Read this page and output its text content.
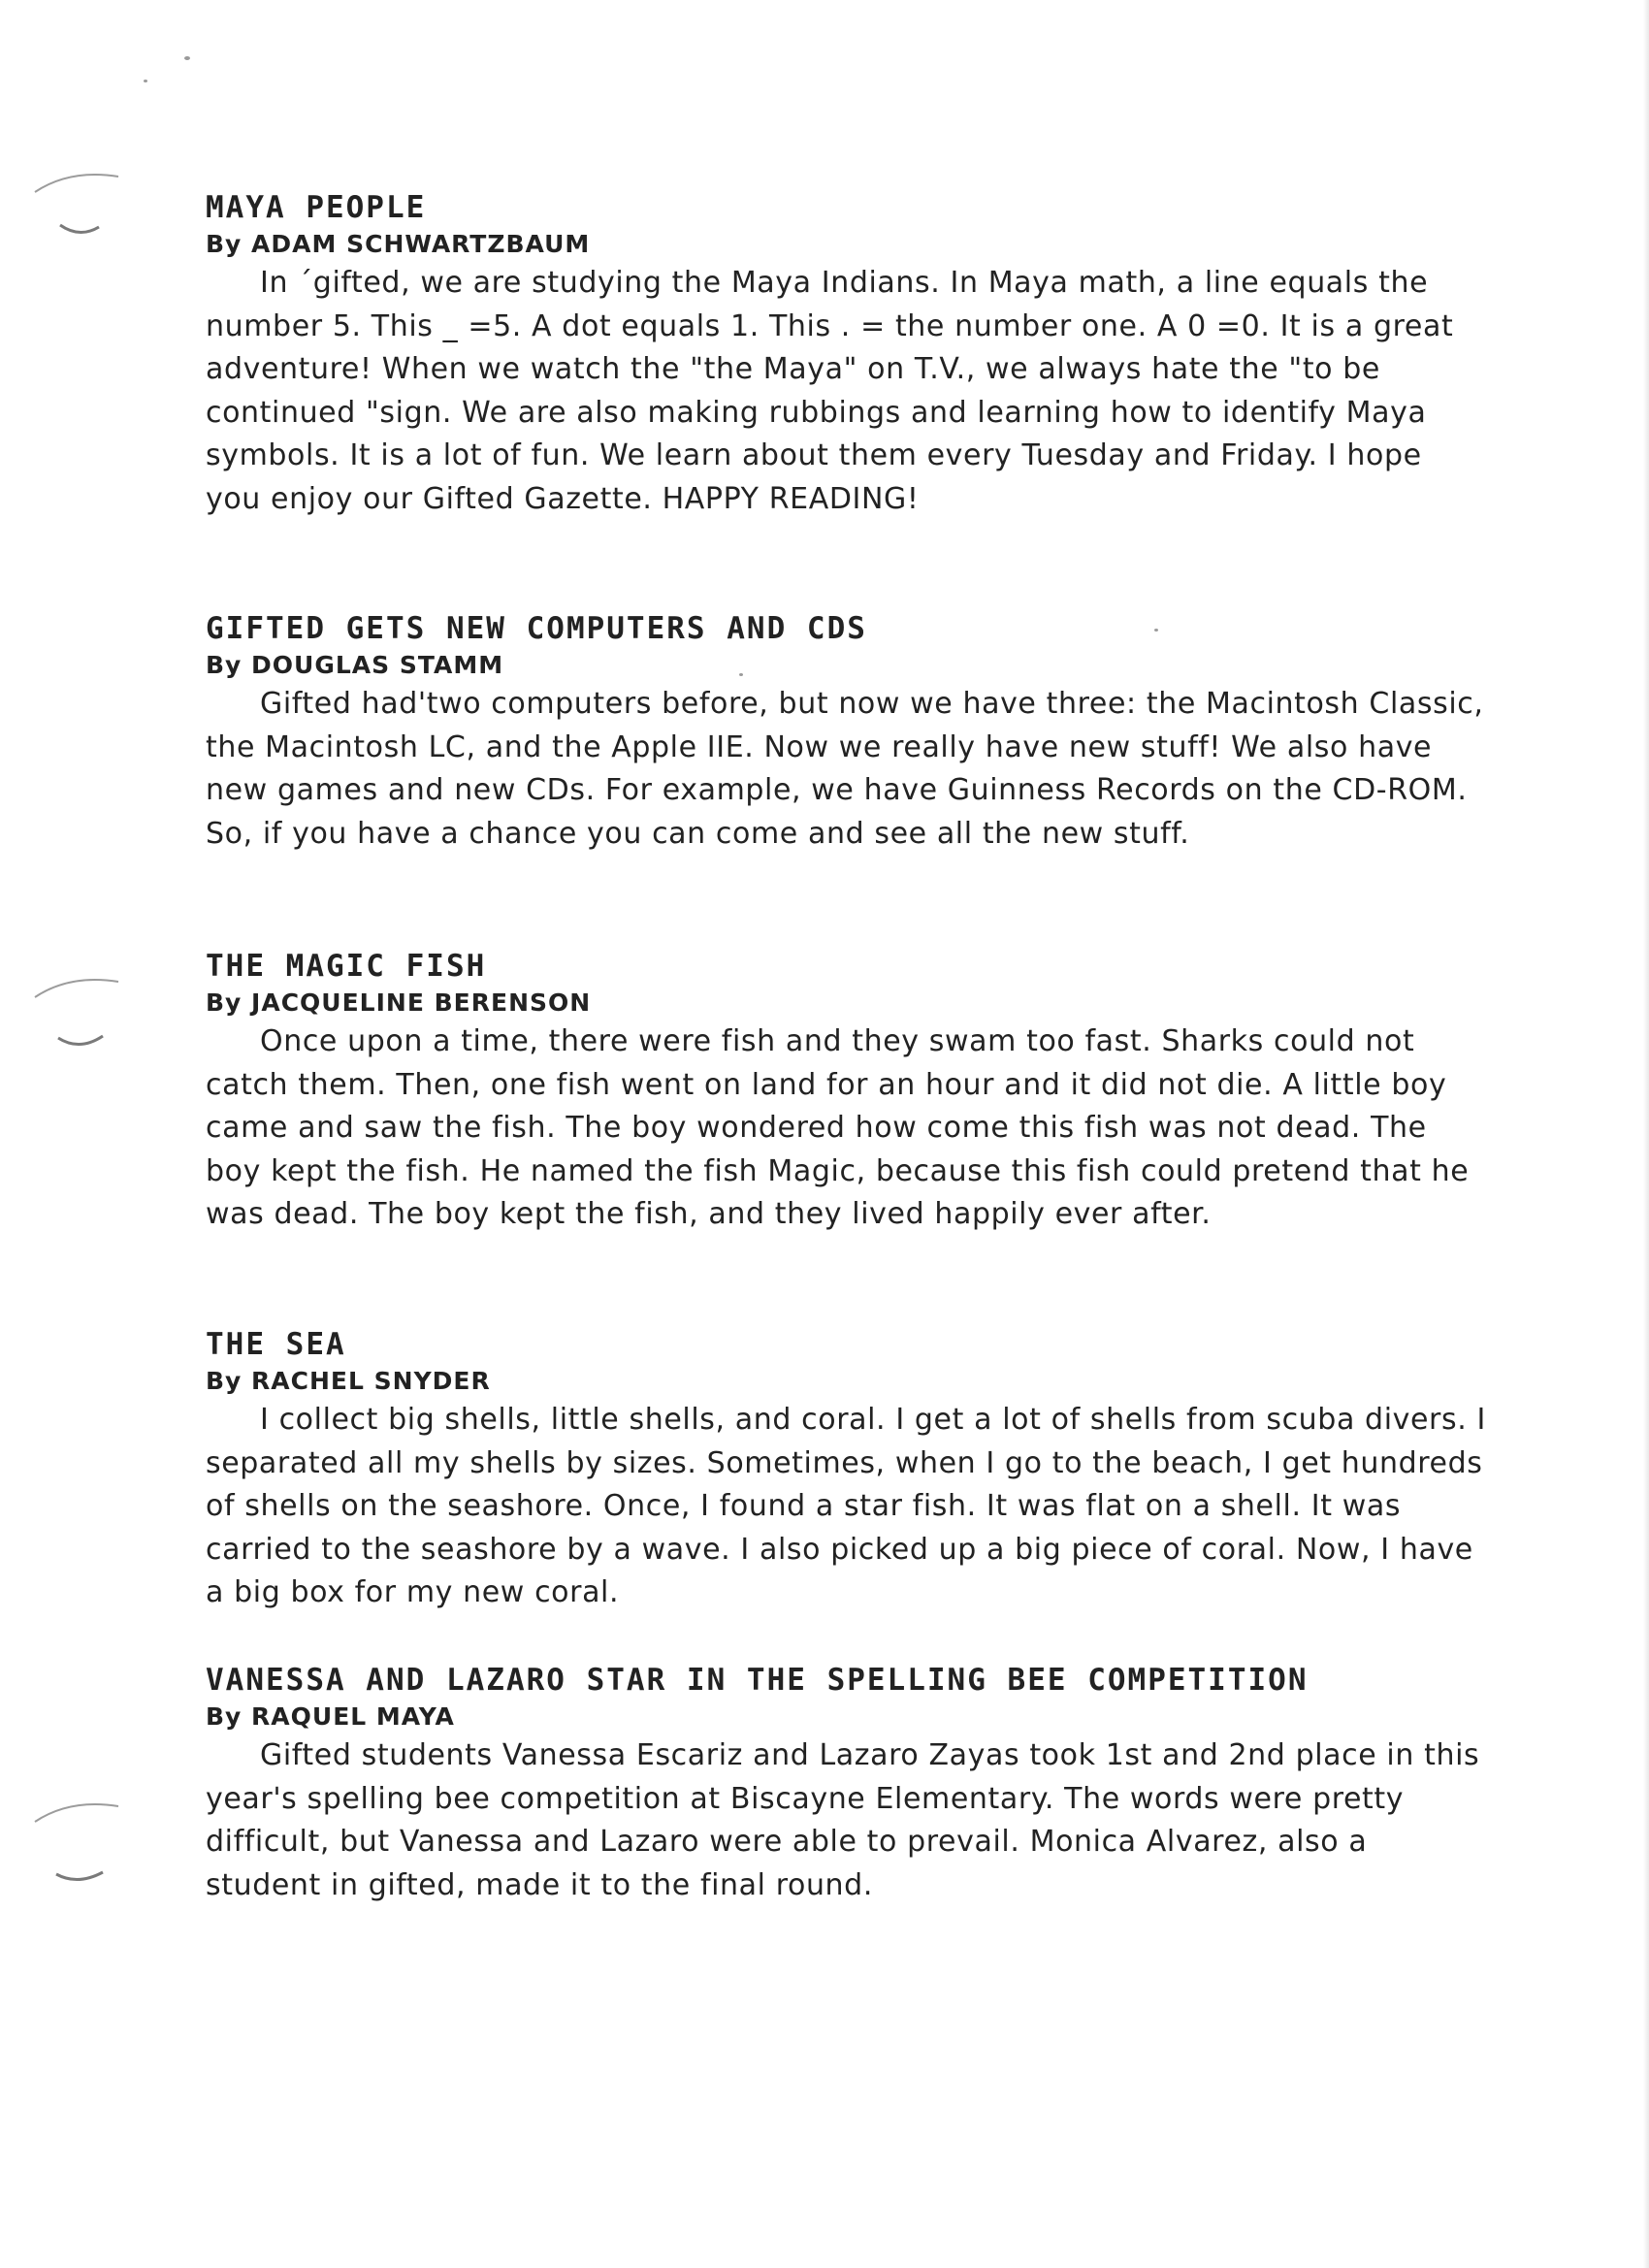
MAYA PEOPLE
By ADAM SCHWARTZBAUM

In ´gifted, we are studying the Maya Indians. In Maya math, a line equals the number 5. This _ =5. A dot equals 1. This . = the number one. A 0 =0. It is a great adventure! When we watch the "the Maya" on T.V., we always hate the "to be continued "sign. We are also making rubbings and learning how to identify Maya symbols. It is a lot of fun. We learn about them every Tuesday and Friday. I hope you enjoy our Gifted Gazette. HAPPY READING!

GIFTED GETS NEW COMPUTERS AND CDS
By DOUGLAS STAMM

Gifted had'two computers before, but now we have three: the Macintosh Classic, the Macintosh LC, and the Apple IIE. Now we really have new stuff! We also have new games and new CDs. For example, we have Guinness Records on the CD-ROM. So, if you have a chance you can come and see all the new stuff.

THE MAGIC FISH
By JACQUELINE BERENSON

Once upon a time, there were fish and they swam too fast. Sharks could not catch them. Then, one fish went on land for an hour and it did not die. A little boy came and saw the fish. The boy wondered how come this fish was not dead. The boy kept the fish. He named the fish Magic, because this fish could pretend that he was dead. The boy kept the fish, and they lived happily ever after.

THE SEA
By RACHEL SNYDER

I collect big shells, little shells, and coral. I get a lot of shells from scuba divers. I separated all my shells by sizes. Sometimes, when I go to the beach, I get hundreds of shells on the seashore. Once, I found a star fish. It was flat on a shell. It was carried to the seashore by a wave. I also picked up a big piece of coral. Now, I have a big box for my new coral.

VANESSA AND LAZARO STAR IN THE SPELLING BEE COMPETITION
By RAQUEL MAYA

Gifted students Vanessa Escariz and Lazaro Zayas took 1st and 2nd place in this year's spelling bee competition at Biscayne Elementary. The words were pretty difficult, but Vanessa and Lazaro were able to prevail. Monica Alvarez, also a student in gifted, made it to the final round.
